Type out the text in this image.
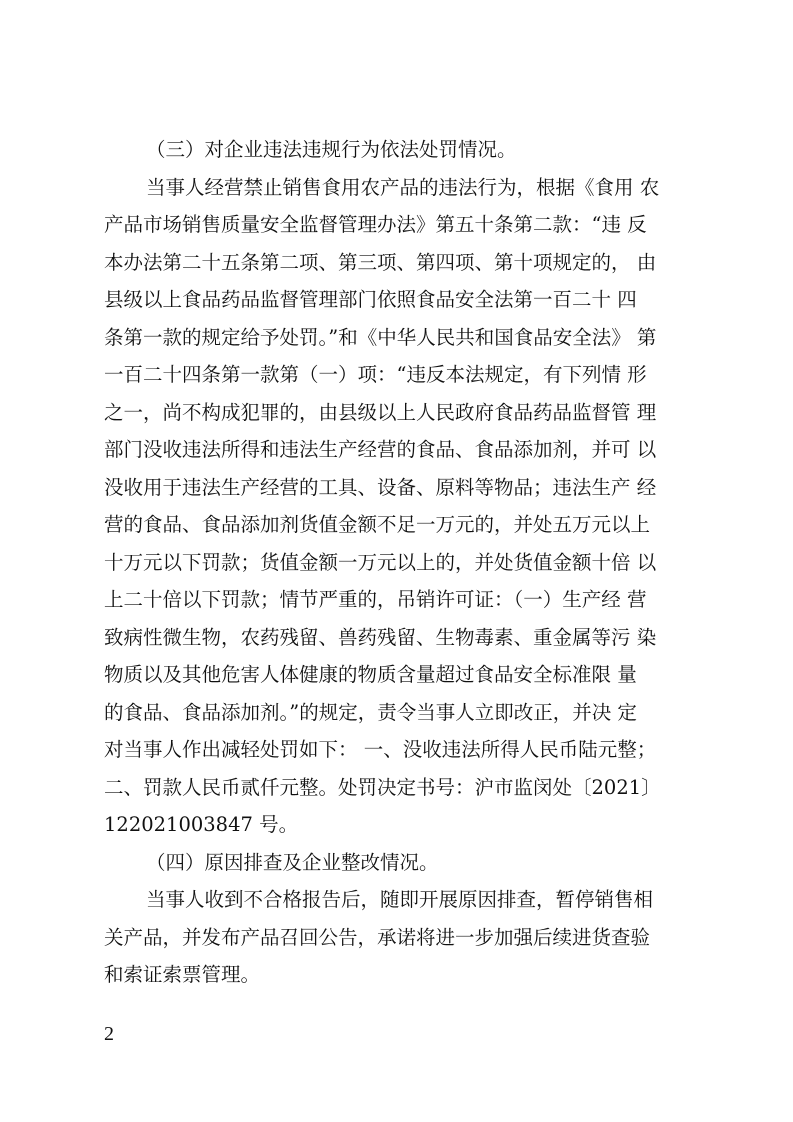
（三）对企业违法违规行为依法处罚情况。
当事人经营禁止销售食用农产品的违法行为，根据《食用 农
产品市场销售质量安全监督管理办法》第五十条第二款：“违 反
本办法第二十五条第二项、第三项、第四项、第十项规定的， 由
县级以上食品药品监督管理部门依照食品安全法第一百二十 四
条第一款的规定给予处罚。”和《中华人民共和国食品安全法》 第
一百二十四条第一款第（一）项：“违反本法规定，有下列情 形
之一，尚不构成犯罪的，由县级以上人民政府食品药品监督管 理
部门没收违法所得和违法生产经营的食品、食品添加剂，并可 以
没收用于违法生产经营的工具、设备、原料等物品；违法生产 经
营的食品、食品添加剂货值金额不足一万元的，并处五万元以上
十万元以下罚款；货值金额一万元以上的，并处货值金额十倍 以
上二十倍以下罚款；情节严重的，吊销许可证：（一）生产经 营
致病性微生物，农药残留、兽药残留、生物毒素、重金属等污 染
物质以及其他危害人体健康的物质含量超过食品安全标准限 量
的食品、食品添加剂。”的规定，责令当事人立即改正，并决 定
对当事人作出减轻处罚如下： 一、没收违法所得人民币陆元整；
二、罚款人民币贰仟元整。处罚决定书号：沪市监闵处〔2021〕
122021003847 号。
（四）原因排查及企业整改情况。
当事人收到不合格报告后，随即开展原因排查，暂停销售相
关产品，并发布产品召回公告，承诺将进一步加强后续进货查验
和索证索票管理。
2
